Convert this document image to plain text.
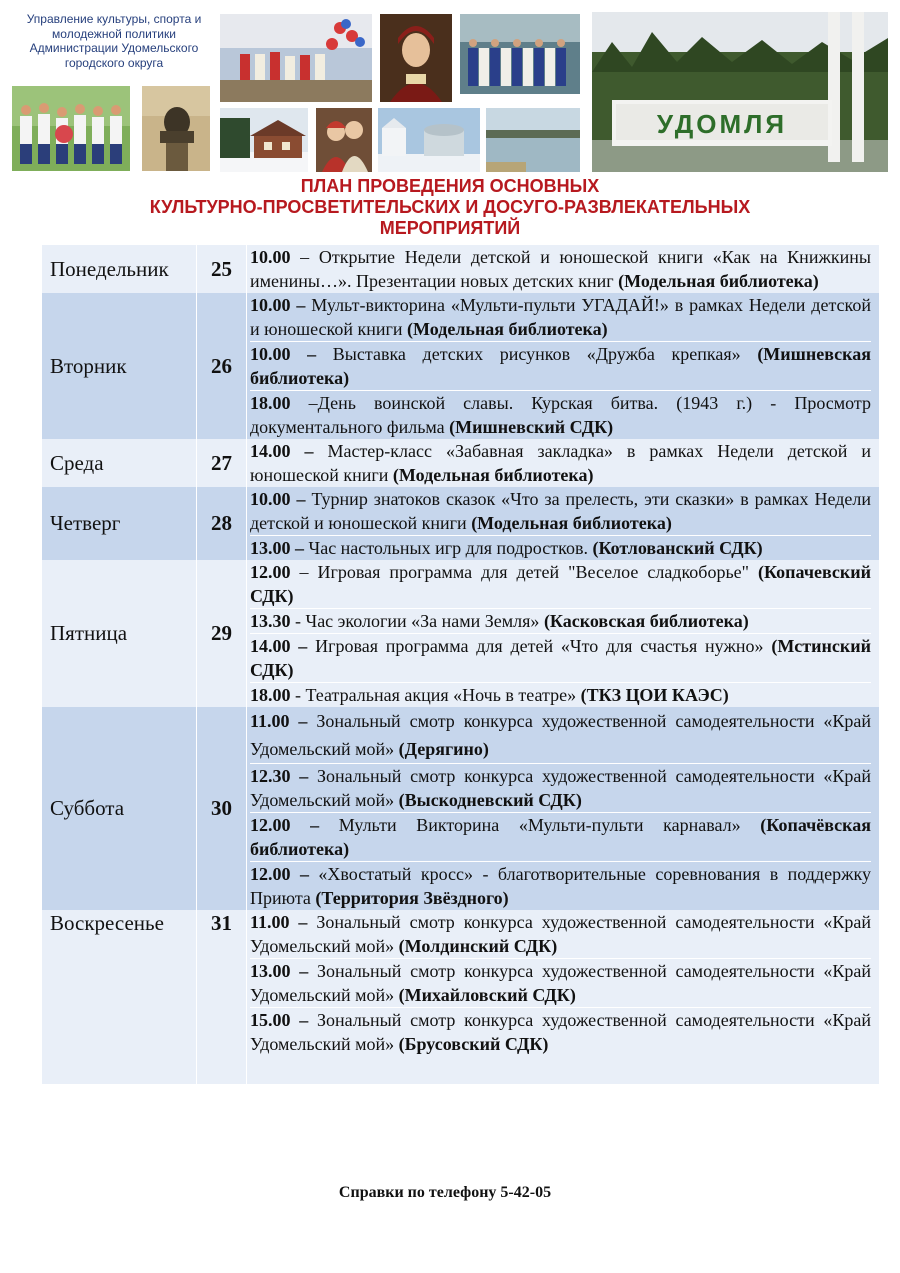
Управление культуры, спорта и
молодежной политики
Администрации Удомельского
городского округа
УДОМЛЯ
ПЛАН ПРОВЕДЕНИЯ ОСНОВНЫХ
КУЛЬТУРНО-ПРОСВЕТИТЕЛЬСКИХ И ДОСУГО-РАЗВЛЕКАТЕЛЬНЫХ
МЕРОПРИЯТИЙ
Понедельник	25	10.00 – Открытие Недели детской и юношеской книги «Как на Книжкины именины…». Презентации новых детских книг (Модельная библиотека)
Вторник	26
10.00 – Мульт-викторина «Мульти-пульти УГАДАЙ!» в рамках Недели детской и юношеской книги (Модельная библиотека)
10.00 – Выставка детских рисунков «Дружба крепкая» (Мишневская библиотека)
18.00 –День воинской славы. Курская битва. (1943 г.) - Просмотр документального фильма (Мишневский СДК)
Среда	27	14.00 – Мастер-класс «Забавная закладка» в рамках Недели детской и юношеской книги (Модельная библиотека)
Четверг	28
10.00 – Турнир знатоков сказок «Что за прелесть, эти сказки» в рамках Недели детской и юношеской книги (Модельная библиотека)
13.00 – Час настольных игр для подростков. (Котлованский СДК)
Пятница	29
12.00 – Игровая программа для детей "Веселое сладкоборье" (Копачевский СДК)
13.30 - Час экологии «За нами Земля» (Касковская библиотека)
14.00 – Игровая программа для детей «Что для счастья нужно» (Мстинский СДК)
18.00 - Театральная акция «Ночь в театре» (ТКЗ ЦОИ КАЭС)
Суббота	30
11.00 – Зональный смотр конкурса художественной самодеятельности «Край Удомельский мой» (Дерягино)
12.30 – Зональный смотр конкурса художественной самодеятельности «Край Удомельский мой» (Выскодневский СДК)
12.00 – Мульти Викторина «Мульти-пульти карнавал» (Копачёвская библиотека)
12.00 – «Хвостатый кросс» - благотворительные соревнования в поддержку Приюта (Территория Звёздного)
Воскресенье	31	11.00 – Зональный смотр конкурса художественной самодеятельности «Край Удомельский мой» (Молдинский СДК)
13.00 – Зональный смотр конкурса художественной самодеятельности «Край Удомельский мой» (Михайловский СДК)
15.00 – Зональный смотр конкурса художественной самодеятельности «Край Удомельский мой» (Брусовский СДК)
Справки по телефону 5-42-05
